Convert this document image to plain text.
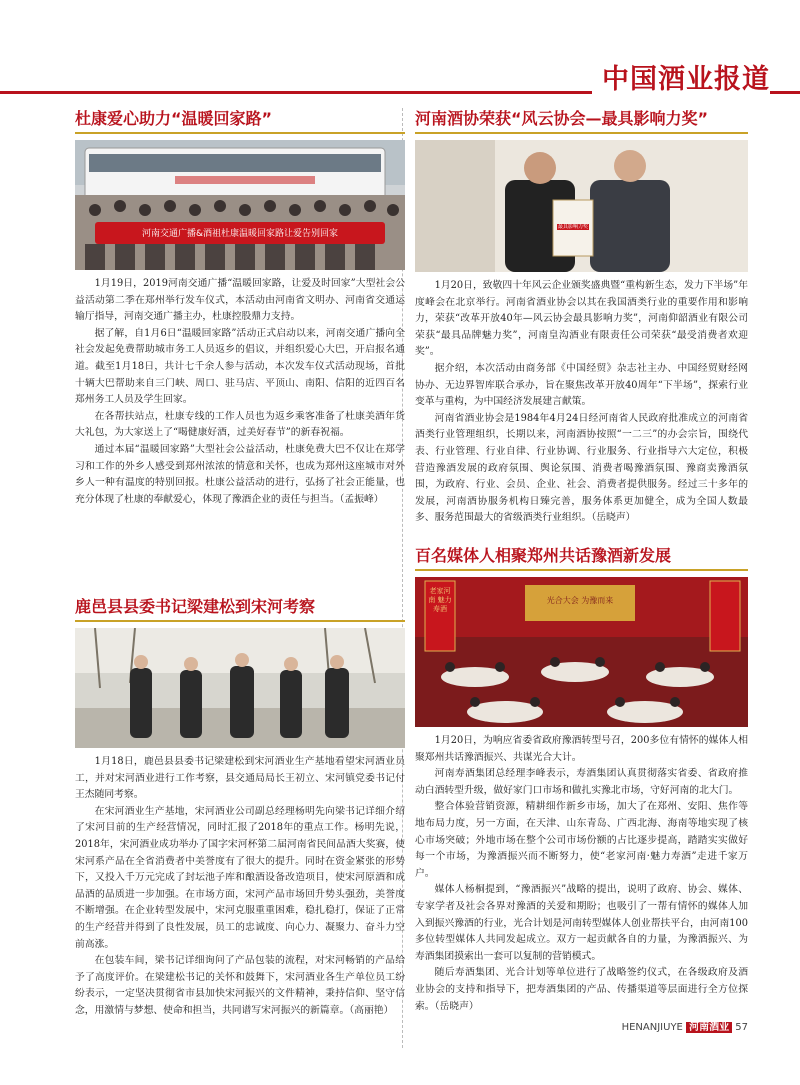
中国酒业报道
杜康爱心助力“温暖回家路”
河南交通广播&酒祖杜康温暖回家路让爱告别回家

1月19日，2019河南交通广播“温暖回家路，让爱及时回家”大型社会公益活动第二季在郑州举行发车仪式，本活动由河南省文明办、河南省交通运输厅指导，河南交通广播主办，杜康控股鼎力支持。

据了解，自1月6日“温暖回家路”活动正式启动以来，河南交通广播向全社会发起免费帮助城市务工人员返乡的倡议，并组织爱心大巴，开启报名通道。截至1月18日，共计七千余人参与活动，本次发车仪式活动现场，首批十辆大巴帮助来自三门峡、周口、驻马店、平顶山、南阳、信阳的近四百名郑州务工人员及学生回家。

在各帮扶站点，杜康专线的工作人员也为返乡乘客准备了杜康美酒年货大礼包，为大家送上了“喝健康好酒，过美好春节”的新春祝福。

通过本届“温暖回家路”大型社会公益活动，杜康免费大巴不仅让在郑学习和工作的外乡人感受到郑州浓浓的情意和关怀，也成为郑州这座城市对外乡人一种有温度的特别回报。杜康公益活动的进行，弘扬了社会正能量，也充分体现了杜康的奉献爱心，体现了豫酒企业的责任与担当。（孟振峰）

鹿邑县县委书记梁建松到宋河考察

1月18日，鹿邑县县委书记梁建松到宋河酒业生产基地看望宋河酒业员工，并对宋河酒业进行工作考察，县交通局局长王初立、宋河镇党委书记付王杰随同考察。

在宋河酒业生产基地，宋河酒业公司副总经理杨明先向梁书记详细介绍了宋河目前的生产经营情况，同时汇报了2018年的重点工作。杨明先说，2018年，宋河酒业成功举办了国字宋河杯第二届河南省民间品酒大奖赛，使宋河系产品在全省消费者中美誉度有了很大的提升。同时在资金紧张的形势下，又投入千万元完成了封坛池子库和酿酒设备改造项目，使宋河原酒和成品酒的品质进一步加强。在市场方面，宋河产品市场回升势头强劲，美誉度不断增强。在企业转型发展中，宋河克服重重困难，稳扎稳打，保证了正常的生产经营并得到了良性发展，员工的忠诚度、向心力、凝聚力、奋斗力空前高涨。

在包装车间，梁书记详细询问了产品包装的流程，对宋河畅销的产品给予了高度评价。在梁建松书记的关怀和鼓舞下，宋河酒业各生产单位员工纷纷表示，一定坚决贯彻省市县加快宋河振兴的文件精神，秉持信仰、坚守信念，用激情与梦想、使命和担当，共同谱写宋河振兴的新篇章。（高丽艳）

河南酒协荣获“风云协会—最具影响力奖”
最具影响力奖

1月20日，致敬四十年风云企业颁奖盛典暨“重构新生态，发力下半场”年度峰会在北京举行。河南省酒业协会以其在我国酒类行业的重要作用和影响力，荣获“改革开放40年—风云协会最具影响力奖”，河南仰韶酒业有限公司荣获“最具品牌魅力奖”，河南皇沟酒业有限责任公司荣获“最受消费者欢迎奖”。

据介绍，本次活动由商务部《中国经贸》杂志社主办、中国经贸财经网协办、无边界智库联合承办，旨在聚焦改革开放40周年“下半场”，探索行业变革与重构，为中国经济发展建言献策。

河南省酒业协会是1984年4月24日经河南省人民政府批准成立的河南省酒类行业管理组织，长期以来，河南酒协按照“一二三”的办会宗旨，围绕代表、行业管理、行业自律、行业协调、行业服务、行业指导六大定位，积极营造豫酒发展的政府氛围、舆论氛围、消费者喝豫酒氛围、豫商卖豫酒氛围，为政府、行业、会员、企业、社会、消费者提供服务。经过三十多年的发展，河南酒协服务机构日臻完善，服务体系更加健全，成为全国人数最多、服务范围最大的省级酒类行业组织。（岳晓声）

百名媒体人相聚郑州共话豫酒新发展
光合大会 为豫而来
老家河南 魅力寿酒

1月20日，为响应省委省政府豫酒转型号召，200多位有情怀的媒体人相聚郑州共话豫酒振兴、共谋光合大计。

河南寿酒集团总经理李峰表示，寿酒集团认真贯彻落实省委、省政府推动白酒转型升级，做好家门口市场和做扎实豫北市场，守好河南的北大门。

整合体验营销资源，精耕细作新乡市场，加大了在郑州、安阳、焦作等地布局力度，另一方面，在天津、山东青岛、广西北海、海南等地实现了核心市场突破；外地市场在整个公司市场份额的占比逐步提高，踏踏实实做好每一个市场，为豫酒振兴而不断努力，使“老家河南·魅力寿酒”走进千家万户。

媒体人杨桐提到，“豫酒振兴”战略的提出，说明了政府、协会、媒体、专家学者及社会各界对豫酒的关爱和期盼；也吸引了一帮有情怀的媒体人加入到振兴豫酒的行业，光合计划是河南转型媒体人创业帮扶平台，由河南100多位转型媒体人共同发起成立。双方一起贡献各自的力量，为豫酒振兴、为寿酒集团摸索出一套可以复制的营销模式。

随后寿酒集团、光合计划等单位进行了战略签约仪式，在各级政府及酒业协会的支持和指导下，把寿酒集团的产品、传播渠道等层面进行全方位探索。（岳晓声）

HENANJIUYE 河南酒业 57
